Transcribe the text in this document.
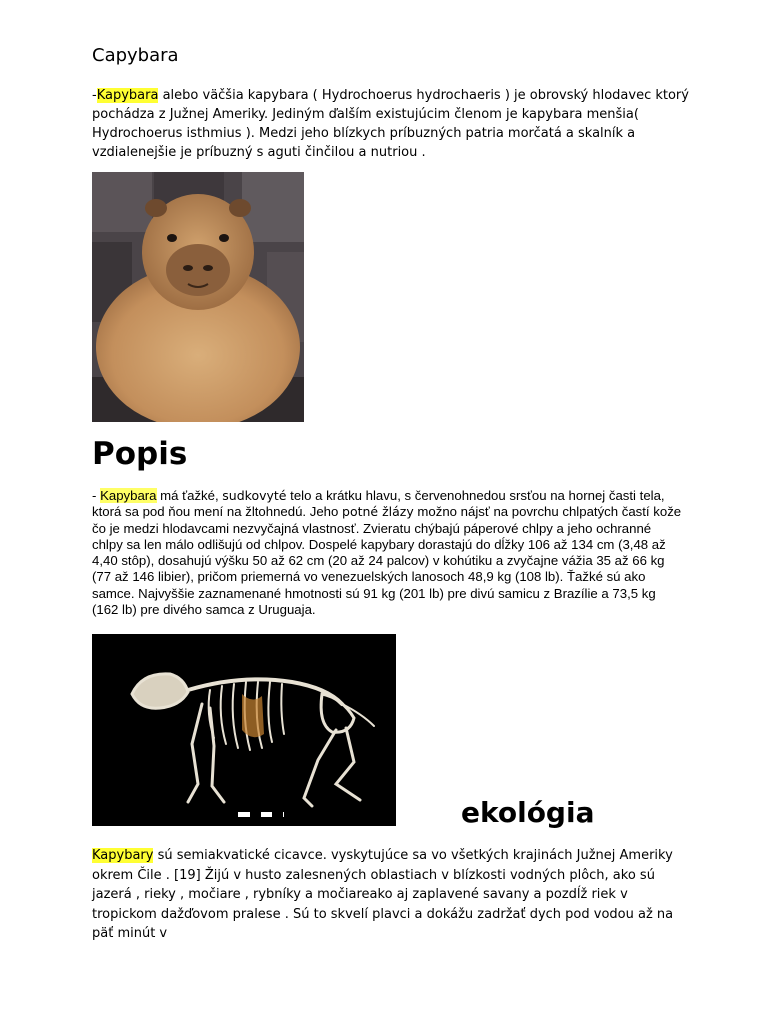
Capybara

-Kapybara alebo väčšia kapybara ( Hydrochoerus hydrochaeris ) je obrovský hlodavec ktorý pochádza z Južnej Ameriky. Jediným ďalším existujúcim členom je kapybara menšia( Hydrochoerus isthmius ). Medzi jeho blízkych príbuzných patria morčatá a skalník a vzdialenejšie je príbuzný s aguti činčilou a nutriou .

Popis

- Kapybara má ťažké, sudkovyté telo a krátku hlavu, s červenohnedou srsťou na hornej časti tela, ktorá sa pod ňou mení na žltohnedú. Jeho potné žlázy možno nájsť na povrchu chlpatých častí kože čo je medzi hlodavcami nezvyčajná vlastnosť. Zvieratu chýbajú páperové chlpy a jeho ochranné chlpy sa len málo odlišujú od chlpov. Dospelé kapybary dorastajú do dĺžky 106 až 134 cm (3,48 až 4,40 stôp), dosahujú výšku 50 až 62 cm (20 až 24 palcov) v kohútiku a zvyčajne vážia 35 až 66 kg (77 až 146 libier), pričom priemerná vo venezuelských lanosoch 48,9 kg (108 lb). Ťažké sú ako samce. Najvyššie zaznamenané hmotnosti sú 91 kg (201 lb) pre divú samicu z Brazílie a 73,5 kg (162 lb) pre divého samca z Uruguaja.

ekológia

Kapybary sú semiakvatické cicavce. vyskytujúce sa vo všetkých krajinách Južnej Ameriky okrem Čile . [19] Žijú v husto zalesnených oblastiach v blízkosti vodných plôch, ako sú jazerá , rieky , močiare , rybníky a močiareako aj zaplavené savany a pozdĺž riek v tropickom dažďovom pralese . Sú to skvelí plavci a dokážu zadržať dych pod vodou až na päť minút v
